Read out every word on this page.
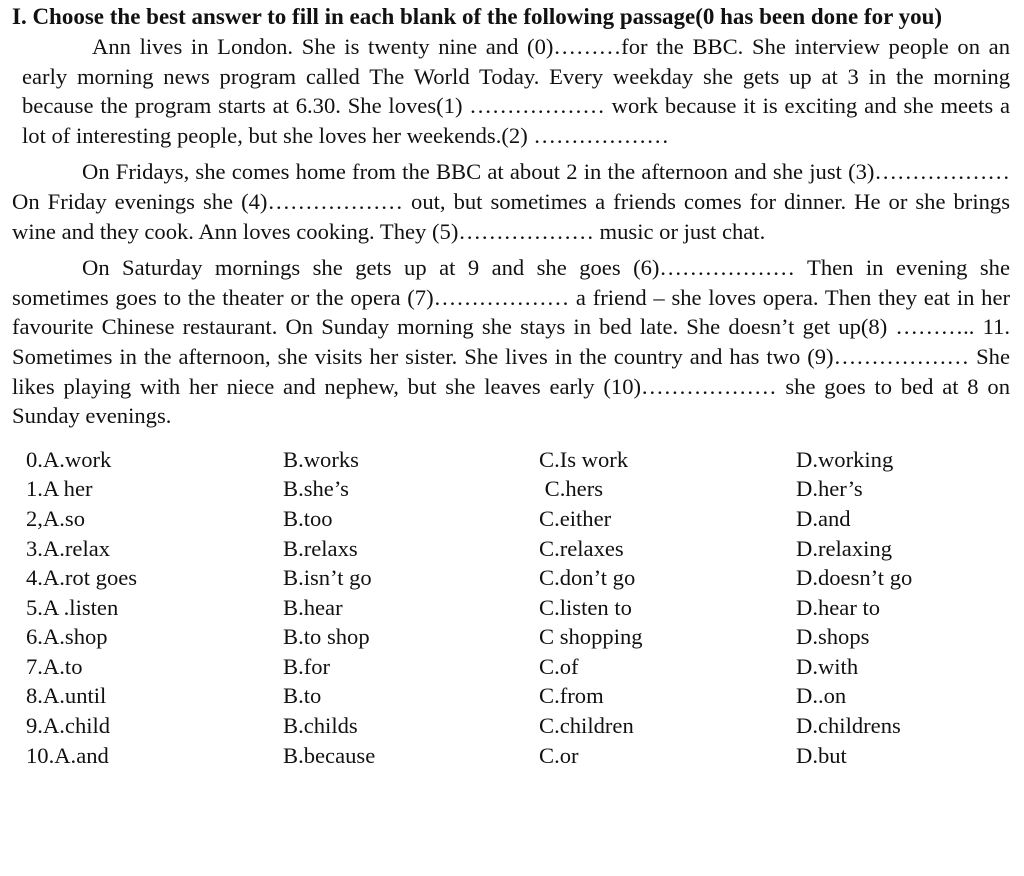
I. Choose the best answer to fill in each blank of the following passage(0 has been done for you)

Ann lives in London. She is twenty nine and (0)………for the BBC. She interview people on an early morning news program called The World Today. Every weekday she gets up at 3 in the morning because the program starts at 6.30. She loves(1) ……………… work because it is exciting and she meets a lot of interesting people, but she loves her weekends.(2) ………………

On Fridays, she comes home from the BBC at about 2 in the afternoon and she just (3)……………… On Friday evenings she (4)……………… out, but sometimes a friends comes for dinner. He or she brings wine and they cook. Ann loves cooking. They (5)……………… music or just chat.

On Saturday mornings she gets up at 9 and she goes (6)……………… Then in evening she sometimes goes to the theater or the opera (7)……………… a friend – she loves opera. Then they eat in her favourite Chinese restaurant. On Sunday morning she stays in bed late. She doesn’t get up(8) ……….. 11. Sometimes in the afternoon, she visits her sister. She lives in the country and has two (9)……………… She likes playing with her niece and nephew, but she leaves early (10)……………… she goes to bed at 8 on Sunday evenings.

0.A.work	B.works	C.Is work	D.working
1.A her	B.she’s	C.hers	D.her’s
2,A.so	B.too	C.either	D.and
3.A.relax	B.relaxs	C.relaxes	D.relaxing
4.A.rot goes	B.isn’t go	C.don’t go	D.doesn’t go
5.A .listen	B.hear	C.listen to	D.hear to
6.A.shop	B.to shop	C shopping	D.shops
7.A.to	B.for	C.of	D.with
8.A.until	B.to	C.from	D..on
9.A.child	B.childs	C.children	D.childrens
10.A.and	B.because	C.or	D.but
